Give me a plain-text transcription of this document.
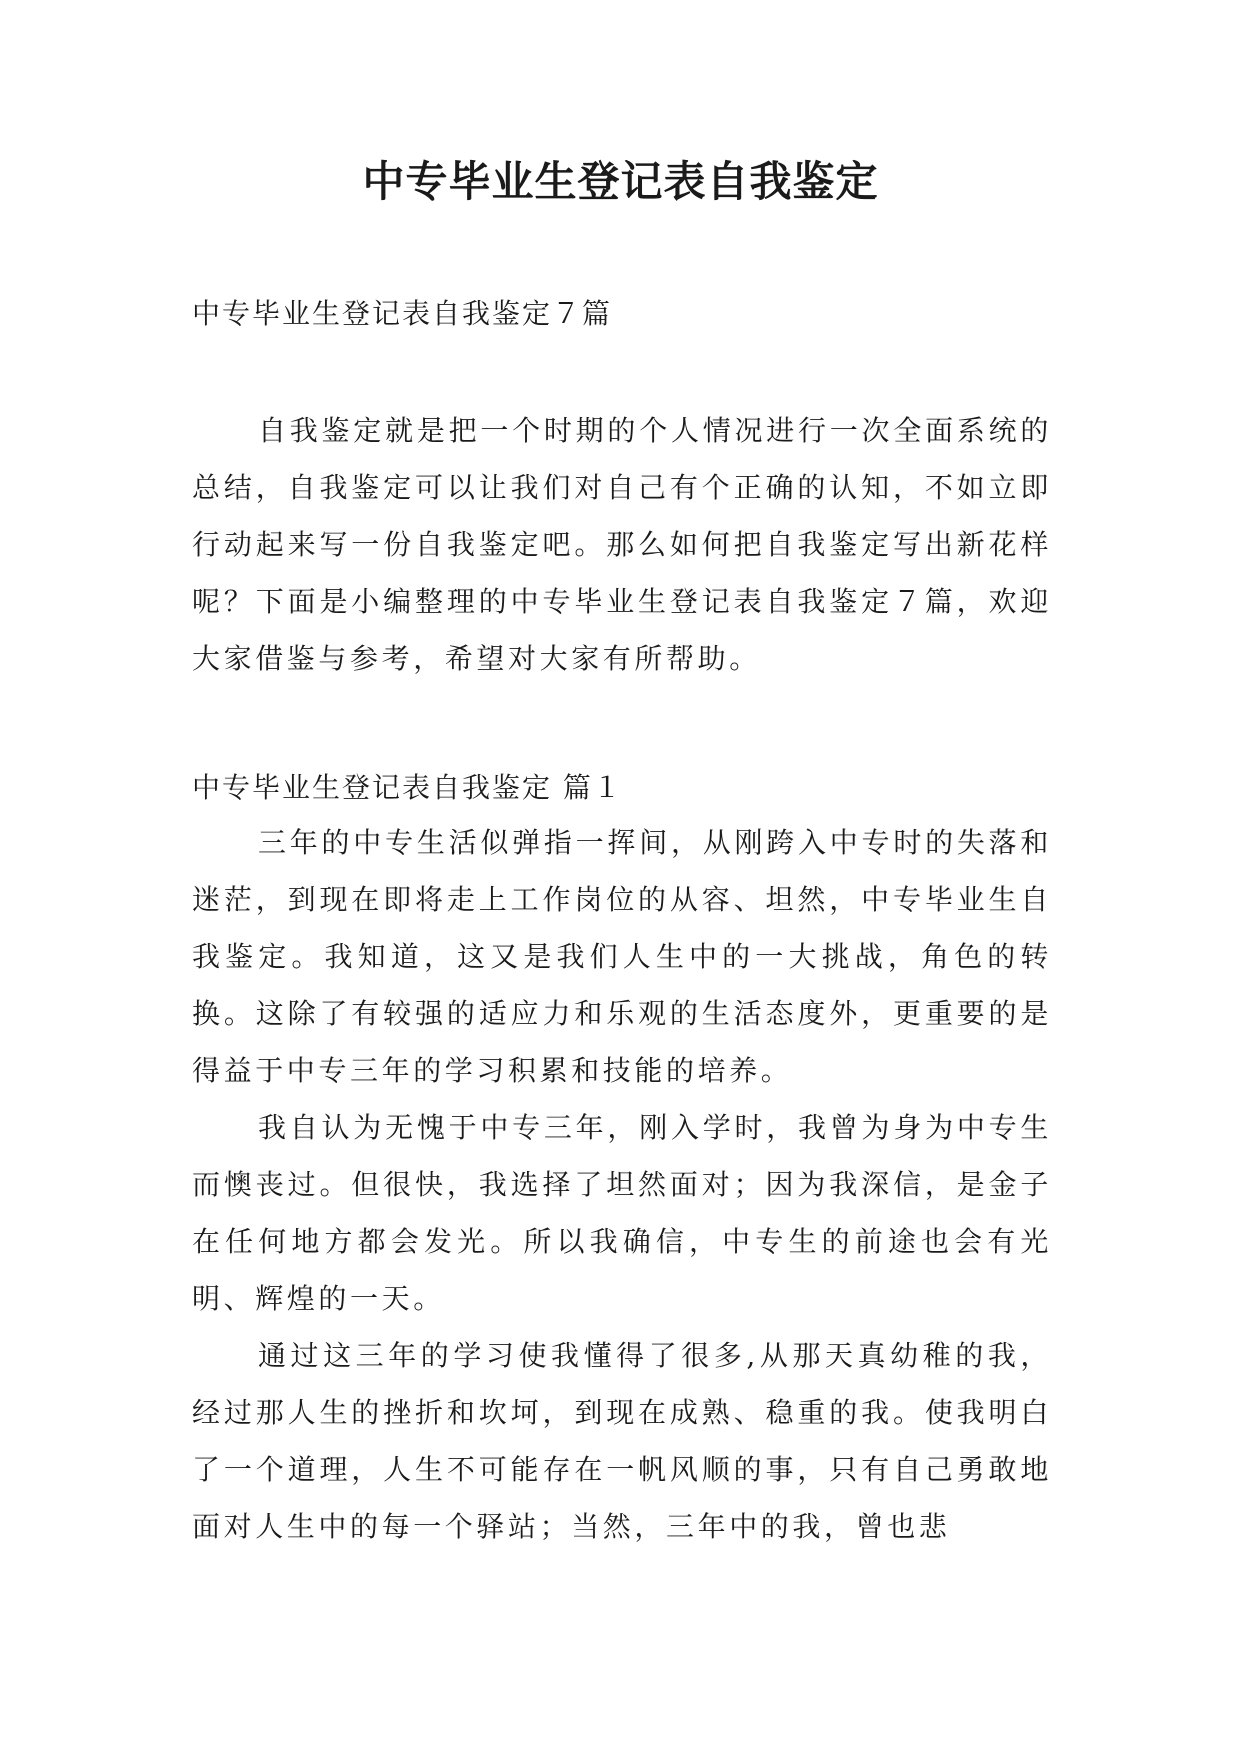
中专毕业生登记表自我鉴定

中专毕业生登记表自我鉴定７篇

自我鉴定就是把一个时期的个人情况进行一次全面系统的总结，自我鉴定可以让我们对自己有个正确的认知，不如立即行动起来写一份自我鉴定吧。那么如何把自我鉴定写出新花样呢？下面是小编整理的中专毕业生登记表自我鉴定７篇，欢迎大家借鉴与参考，希望对大家有所帮助。

中专毕业生登记表自我鉴定 篇１

三年的中专生活似弹指一挥间，从刚跨入中专时的失落和迷茫，到现在即将走上工作岗位的从容、坦然，中专毕业生自我鉴定。我知道，这又是我们人生中的一大挑战，角色的转换。这除了有较强的适应力和乐观的生活态度外，更重要的是得益于中专三年的学习积累和技能的培养。

我自认为无愧于中专三年，刚入学时，我曾为身为中专生而懊丧过。但很快，我选择了坦然面对；因为我深信，是金子在任何地方都会发光。所以我确信，中专生的前途也会有光明、辉煌的一天。

通过这三年的学习使我懂得了很多,从那天真幼稚的我，经过那人生的挫折和坎坷，到现在成熟、稳重的我。使我明白了一个道理，人生不可能存在一帆风顺的事，只有自己勇敢地面对人生中的每一个驿站；当然，三年中的我，曾也悲
